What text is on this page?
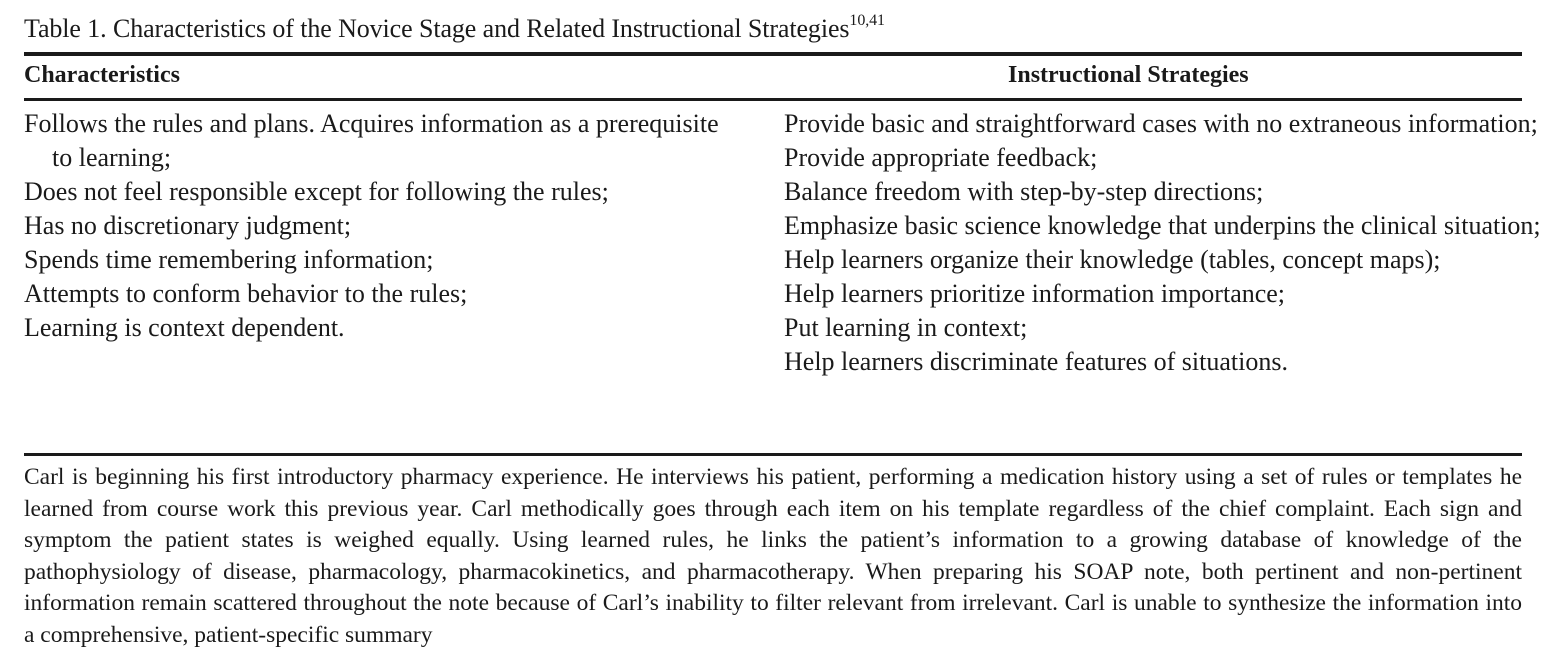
Table 1. Characteristics of the Novice Stage and Related Instructional Strategies$^{10,41}$

Characteristics	Instructional Strategies
Follows the rules and plans. Acquires information as a prerequisite to learning;
Does not feel responsible except for following the rules;
Has no discretionary judgment;
Spends time remembering information;
Attempts to conform behavior to the rules;
Learning is context dependent.
Provide basic and straightforward cases with no extraneous information;
Provide appropriate feedback;
Balance freedom with step-by-step directions;
Emphasize basic science knowledge that underpins the clinical situation;
Help learners organize their knowledge (tables, concept maps);
Help learners prioritize information importance;
Put learning in context;
Help learners discriminate features of situations.

Carl is beginning his first introductory pharmacy experience. He interviews his patient, performing a medication history using a set of rules or templates he learned from course work this previous year. Carl methodically goes through each item on his template regardless of the chief complaint. Each sign and symptom the patient states is weighed equally. Using learned rules, he links the patient’s information to a growing database of knowledge of the pathophysiology of disease, pharmacology, pharmacokinetics, and pharmacotherapy. When preparing his SOAP note, both pertinent and non-pertinent information remain scattered throughout the note because of Carl’s inability to filter relevant from irrelevant. Carl is unable to synthesize the information into a comprehensive, patient-specific summary
